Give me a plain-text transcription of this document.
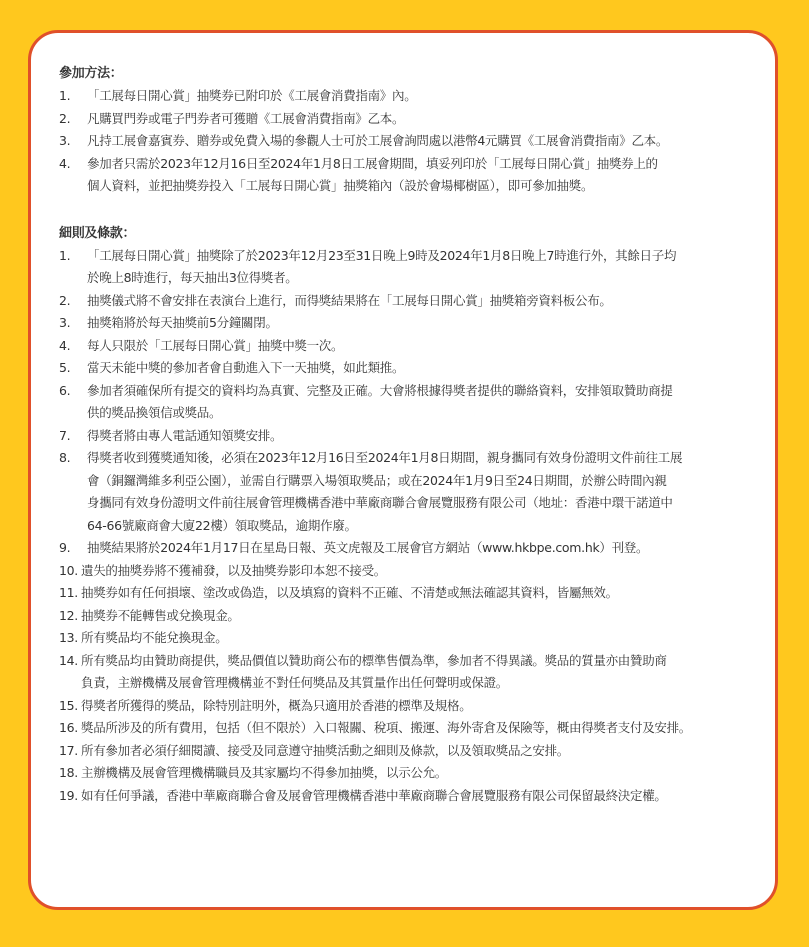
參加方法：
1.	「工展每日開心賞」抽獎券已附印於《工展會消費指南》內。
2.	凡購買門券或電子門券者可獲贈《工展會消費指南》乙本。
3.	凡持工展會嘉賓券、贈券或免費入場的參觀人士可於工展會詢問處以港幣4元購買《工展會消費指南》乙本。
4.	參加者只需於2023年12月16日至2024年1月8日工展會期間，填妥列印於「工展每日開心賞」抽獎券上的
個人資料，並把抽獎券投入「工展每日開心賞」抽獎箱內（設於會場椰樹區），即可參加抽獎。
細則及條款：
1.	「工展每日開心賞」抽獎除了於2023年12月23至31日晚上9時及2024年1月8日晚上7時進行外，其餘日子均
於晚上8時進行，每天抽出3位得獎者。
2.	抽獎儀式將不會安排在表演台上進行，而得獎結果將在「工展每日開心賞」抽獎箱旁資料板公布。
3.	抽獎箱將於每天抽獎前5分鐘關閉。
4.	每人只限於「工展每日開心賞」抽獎中獎一次。
5.	當天未能中獎的參加者會自動進入下一天抽獎，如此類推。
6.	參加者須確保所有提交的資料均為真實、完整及正確。大會將根據得獎者提供的聯絡資料，安排領取贊助商提
供的獎品換領信或獎品。
7.	得獎者將由專人電話通知領獎安排。
8.	得獎者收到獲獎通知後，必須在2023年12月16日至2024年1月8日期間，親身攜同有效身份證明文件前往工展
會（銅鑼灣維多利亞公園），並需自行購票入場領取獎品；或在2024年1月9日至24日期間，於辦公時間內親
身攜同有效身份證明文件前往展會管理機構香港中華廠商聯合會展覽服務有限公司（地址：香港中環干諾道中
64-66號廠商會大廈22樓）領取獎品，逾期作廢。
9.	抽獎結果將於2024年1月17日在星島日報、英文虎報及工展會官方網站（www.hkbpe.com.hk）刊登。
10. 遺失的抽獎券將不獲補發，以及抽獎券影印本恕不接受。
11. 抽獎券如有任何損壞、塗改或偽造，以及填寫的資料不正確、不清楚或無法確認其資料，皆屬無效。
12. 抽獎券不能轉售或兌換現金。
13. 所有獎品均不能兌換現金。
14. 所有獎品均由贊助商提供，獎品價值以贊助商公布的標準售價為準，參加者不得異議。獎品的質量亦由贊助商
負責，主辦機構及展會管理機構並不對任何獎品及其質量作出任何聲明或保證。
15. 得獎者所獲得的獎品，除特別註明外，概為只適用於香港的標準及規格。
16. 獎品所涉及的所有費用，包括（但不限於）入口報關、稅項、搬運、海外寄倉及保險等，概由得獎者支付及安排。
17. 所有參加者必須仔細閱讀、接受及同意遵守抽獎活動之細則及條款，以及領取獎品之安排。
18. 主辦機構及展會管理機構職員及其家屬均不得參加抽獎，以示公允。
19. 如有任何爭議，香港中華廠商聯合會及展會管理機構香港中華廠商聯合會展覽服務有限公司保留最終決定權。
